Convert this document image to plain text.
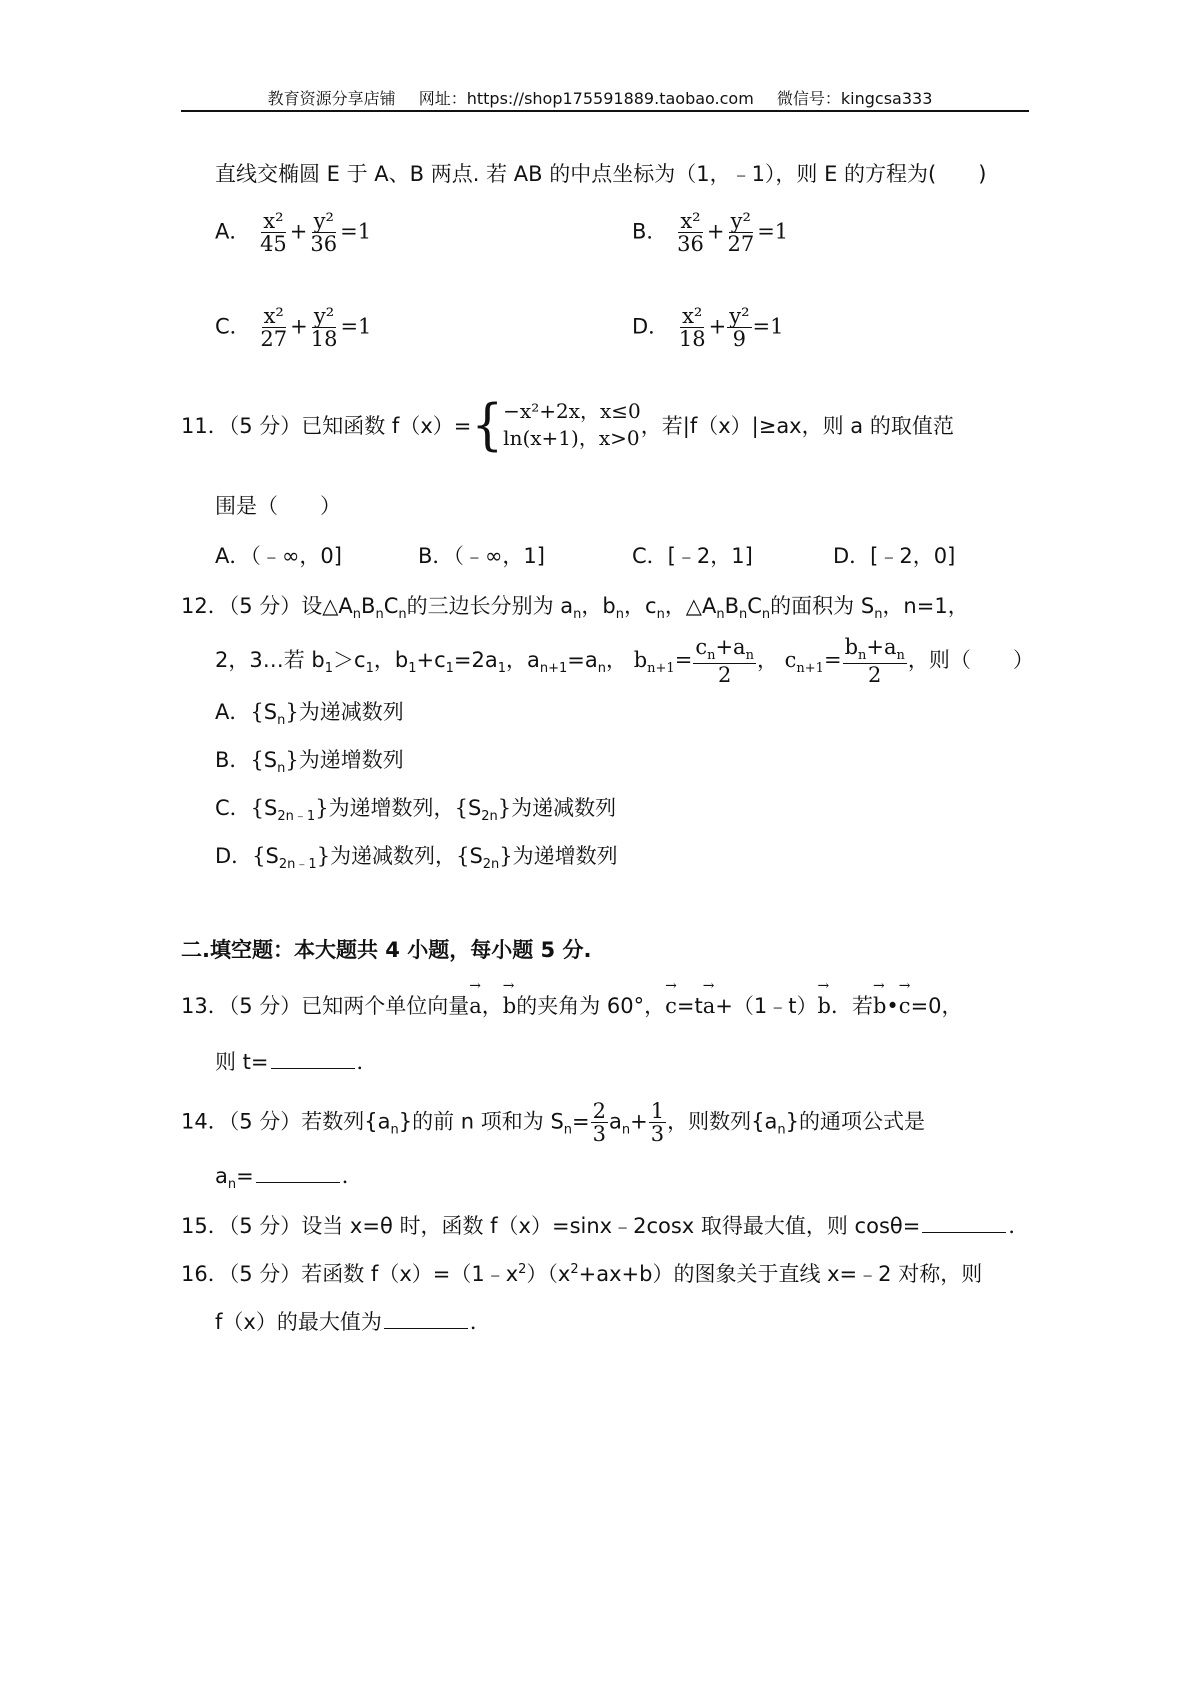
教育资源分享店铺 网址：https://shop175591889.taobao.com 微信号：kingcsa333
直线交椭圆 E 于 A、B 两点. 若 AB 的中点坐标为（1，﹣1），则 E 的方程为(　　)
A． $\frac{\text{x²}}{45} + \frac{\text{y²}}{36} =1$	B． $\frac{\text{x²}}{36} + \frac{\text{y²}}{27} =1$
C． $\frac{\text{x²}}{27} + \frac{\text{y²}}{18} =1$	D． $\frac{\text{x²}}{18} + \frac{\text{y²}}{9} =1$
11．（5 分）已知函数 f（x）={ −x²+2x，x≤0
ln(x+1)，x>0 ，若|f（x）|≥ax，则 a 的取值范
围是（　　）
A．（﹣∞，0]	B．（﹣∞，1]	C．[﹣2，1]	D．[﹣2，0]
12．（5 分）设$\triangle A_nB_nC_n$的三边长分别为 $a_n$，$b_n$，$c_n$，$\triangle A_nB_nC_n$的面积为 $S_n$，n=1，
2，3…若 $b_1>c_1$，$b_1+c_1=2a_1$，$a_{n+1}=a_n$， $b_{n+1}= \frac{c_n+a_n}{2}$ ， $c_{n+1}= \frac{b_n+a_n}{2}$ ，则（　　）
A．$\{S_n\}$为递减数列
B．$\{S_n\}$为递增数列
C．$\{S_{2n﹣1}\}$为递增数列，$\{S_{2n}\}$为递减数列
D．$\{S_{2n﹣1}\}$为递减数列，$\{S_{2n}\}$为递增数列
二.填空题：本大题共 4 小题，每小题 5 分.
13．（5 分）已知两个单位向量→ a，→ b的夹角为 60°，→ c=t→ a+（1﹣t）→ b．若→ b•→ c=0，
则 t=	．
14．（5 分）若数列$\{a_n\}$的前 n 项和为 $S_n= \frac{2}{3} a_n+ \frac{1}{3}$ ，则数列$\{a_n\}$的通项公式是
$a_n=$	．
15．（5 分）设当 x=θ 时，函数 f（x）=sinx﹣2cosx 取得最大值，则 cosθ=	．
16．（5 分）若函数 $f(x)=(1﹣x^2)(x^2+ax+b)$的图象关于直线 x=﹣2 对称，则
f（x）的最大值为	．
